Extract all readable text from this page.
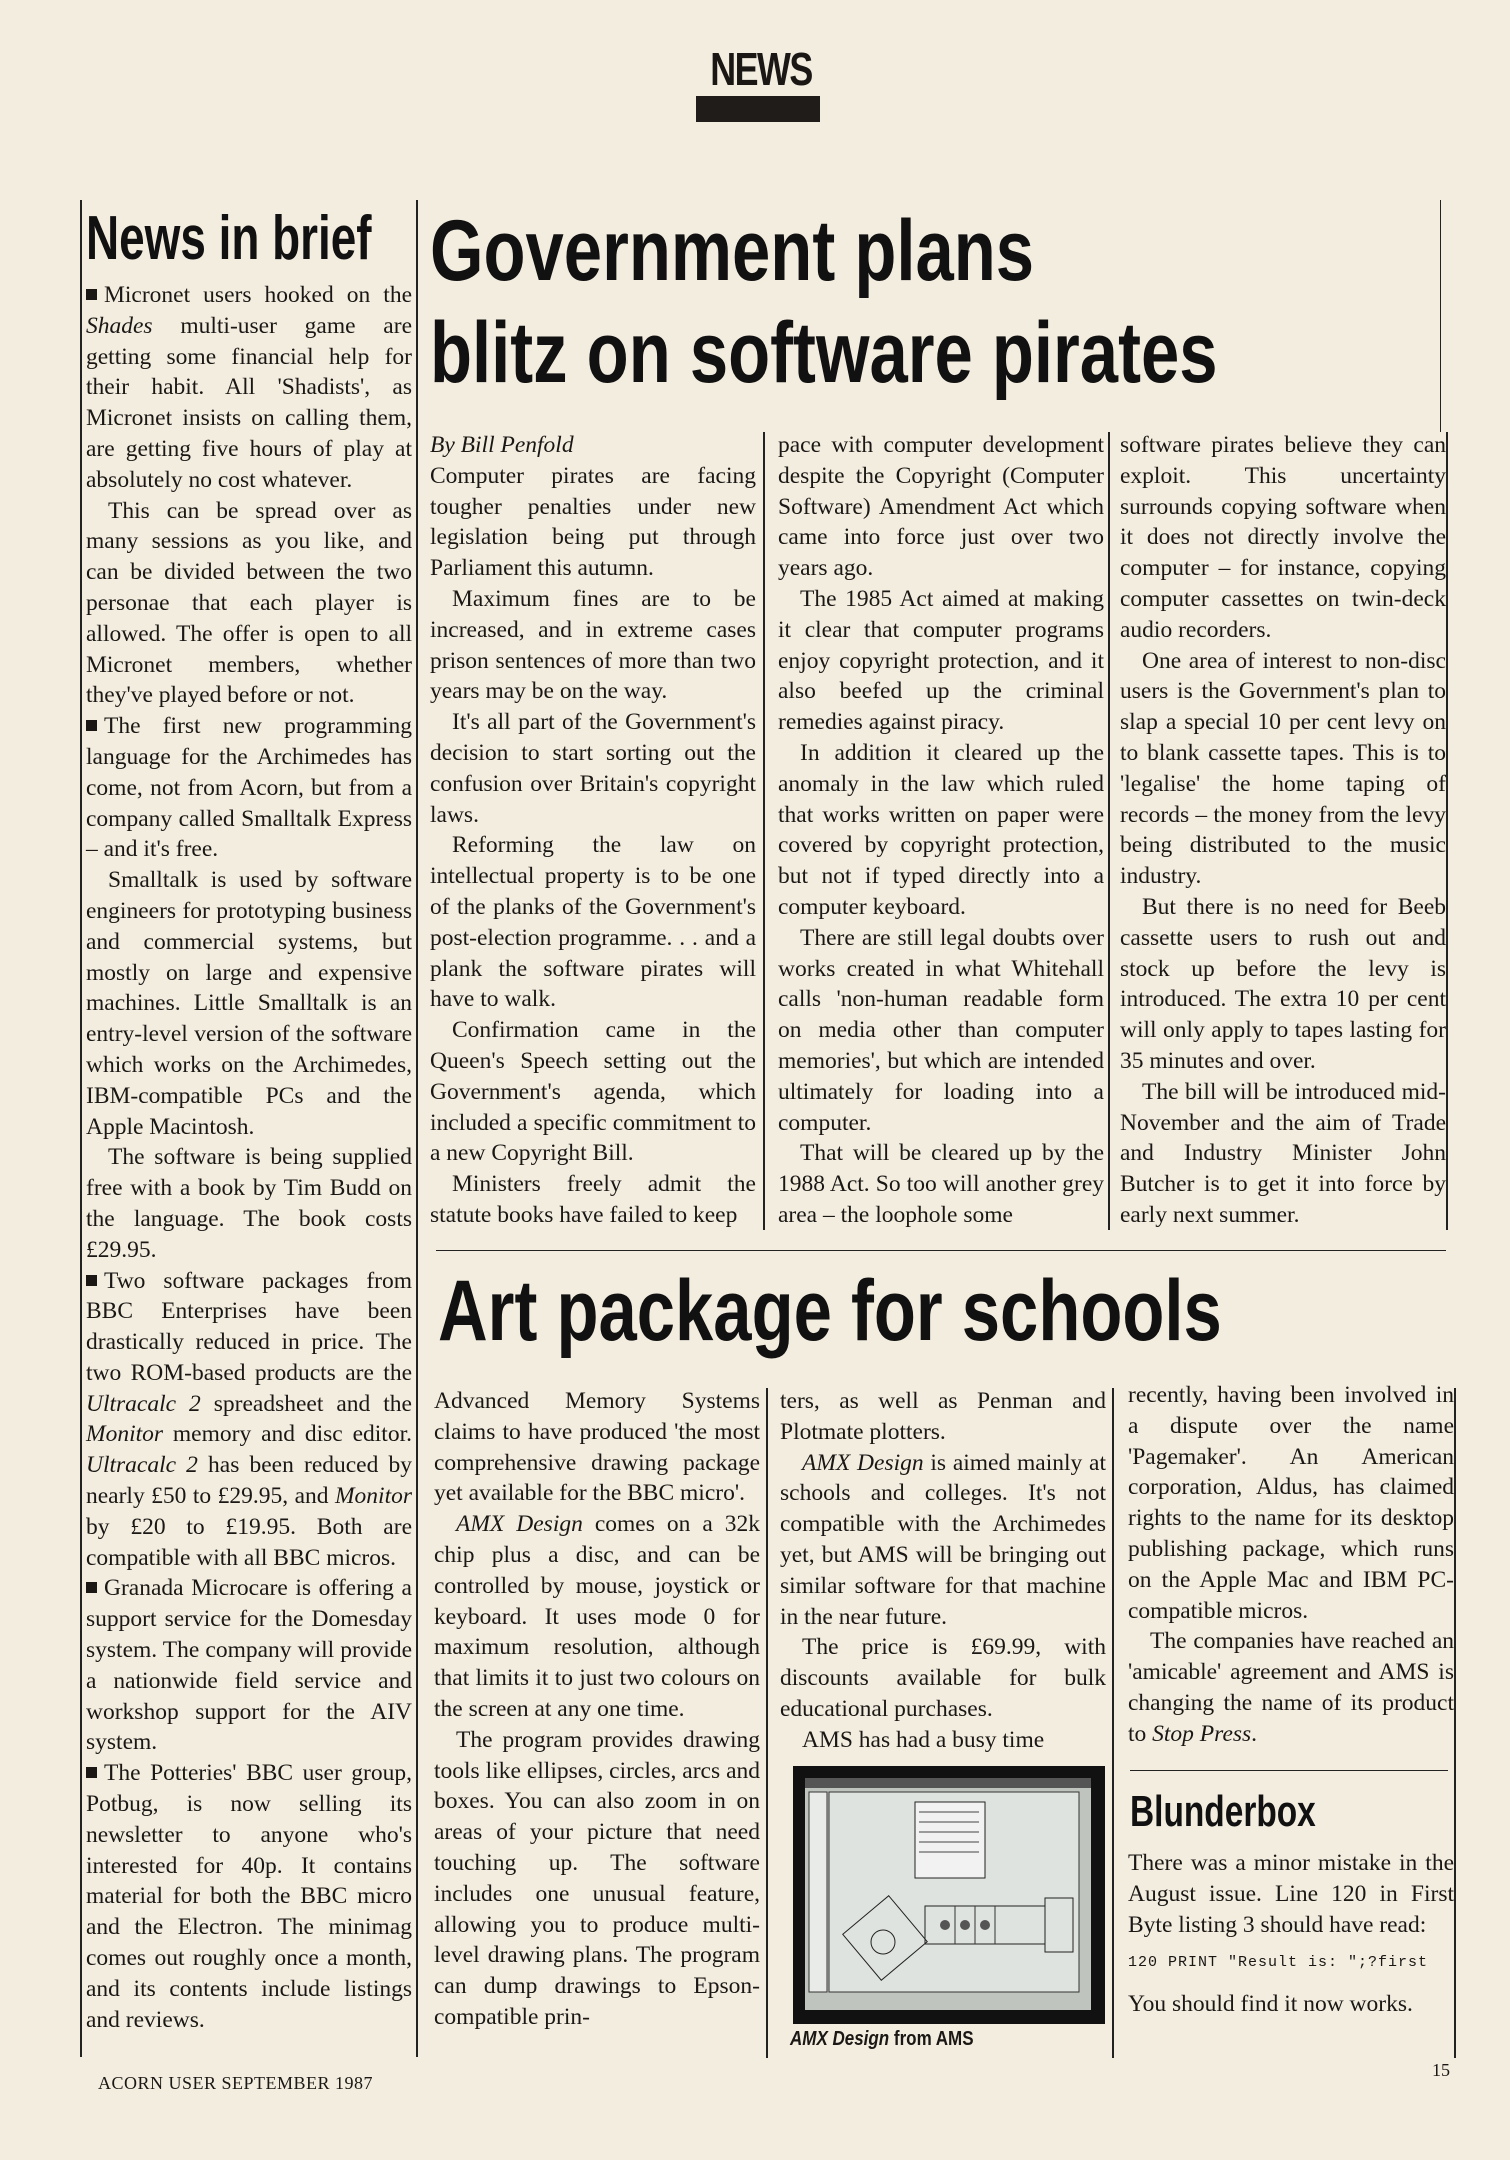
NEWS
News in brief

Micronet users hooked on the Shades multi-user game are getting some financial help for their habit. All 'Shadists', as Micronet insists on calling them, are getting five hours of play at absolutely no cost whatever.

This can be spread over as many sessions as you like, and can be divided between the two personae that each player is allowed. The offer is open to all Micronet members, whether they've played before or not.

The first new programming language for the Archimedes has come, not from Acorn, but from a company called Smalltalk Express – and it's free.

Smalltalk is used by software engineers for prototyping business and commercial systems, but mostly on large and expensive machines. Little Smalltalk is an entry-level version of the software which works on the Archimedes, IBM-compatible PCs and the Apple Macintosh.

The software is being supplied free with a book by Tim Budd on the language. The book costs £29.95.

Two software packages from BBC Enterprises have been drastically reduced in price. The two ROM-based products are the Ultracalc 2 spreadsheet and the Monitor memory and disc editor. Ultracalc 2 has been reduced by nearly £50 to £29.95, and Monitor by £20 to £19.95. Both are compatible with all BBC micros.

Granada Microcare is offering a support service for the Domesday system. The company will provide a nationwide field service and workshop support for the AIV system.

The Potteries' BBC user group, Potbug, is now selling its newsletter to anyone who's interested for 40p. It contains material for both the BBC micro and the Electron. The minimag comes out roughly once a month, and its contents include listings and reviews.

Government plans
blitz on software pirates

By Bill Penfold

Computer pirates are facing tougher penalties under new legislation being put through Parliament this autumn.

Maximum fines are to be increased, and in extreme cases prison sentences of more than two years may be on the way.

It's all part of the Government's decision to start sorting out the confusion over Britain's copyright laws.

Reforming the law on intellectual property is to be one of the planks of the Government's post-election programme. . . and a plank the software pirates will have to walk.

Confirmation came in the Queen's Speech setting out the Government's agenda, which included a specific commitment to a new Copyright Bill.

Ministers freely admit the statute books have failed to keep

pace with computer development despite the Copyright (Computer Software) Amendment Act which came into force just over two years ago.

The 1985 Act aimed at making it clear that computer programs enjoy copyright protection, and it also beefed up the criminal remedies against piracy.

In addition it cleared up the anomaly in the law which ruled that works written on paper were covered by copyright protection, but not if typed directly into a computer keyboard.

There are still legal doubts over works created in what Whitehall calls 'non-human readable form on media other than computer memories', but which are intended ultimately for loading into a computer.

That will be cleared up by the 1988 Act. So too will another grey area – the loophole some

software pirates believe they can exploit. This uncertainty surrounds copying software when it does not directly involve the computer – for instance, copying computer cassettes on twin-deck audio recorders.

One area of interest to non-disc users is the Government's plan to slap a special 10 per cent levy on to blank cassette tapes. This is to 'legalise' the home taping of records – the money from the levy being distributed to the music industry.

But there is no need for Beeb cassette users to rush out and stock up before the levy is introduced. The extra 10 per cent will only apply to tapes lasting for 35 minutes and over.

The bill will be introduced mid-November and the aim of Trade and Industry Minister John Butcher is to get it into force by early next summer.

Art package for schools

Advanced Memory Systems claims to have produced 'the most comprehensive drawing package yet available for the BBC micro'.

AMX Design comes on a 32k chip plus a disc, and can be controlled by mouse, joystick or keyboard. It uses mode 0 for maximum resolution, although that limits it to just two colours on the screen at any one time.

The program provides drawing tools like ellipses, circles, arcs and boxes. You can also zoom in on areas of your picture that need touching up. The software includes one unusual feature, allowing you to produce multi-level drawing plans. The program can dump drawings to Epson-compatible prin-

ters, as well as Penman and Plotmate plotters.

AMX Design is aimed mainly at schools and colleges. It's not compatible with the Archimedes yet, but AMS will be bringing out similar software for that machine in the near future.

The price is £69.99, with discounts available for bulk educational purchases.

AMS has had a busy time

AMX Design from AMS

recently, having been involved in a dispute over the name 'Pagemaker'. An American corporation, Aldus, has claimed rights to the name for its desktop publishing package, which runs on the Apple Mac and IBM PC-compatible micros.

The companies have reached an 'amicable' agreement and AMS is changing the name of its product to Stop Press.

Blunderbox

There was a minor mistake in the August issue. Line 120 in First Byte listing 3 should have read:

120 PRINT "Result is: ";?first

You should find it now works.

ACORN USER SEPTEMBER 1987
15
